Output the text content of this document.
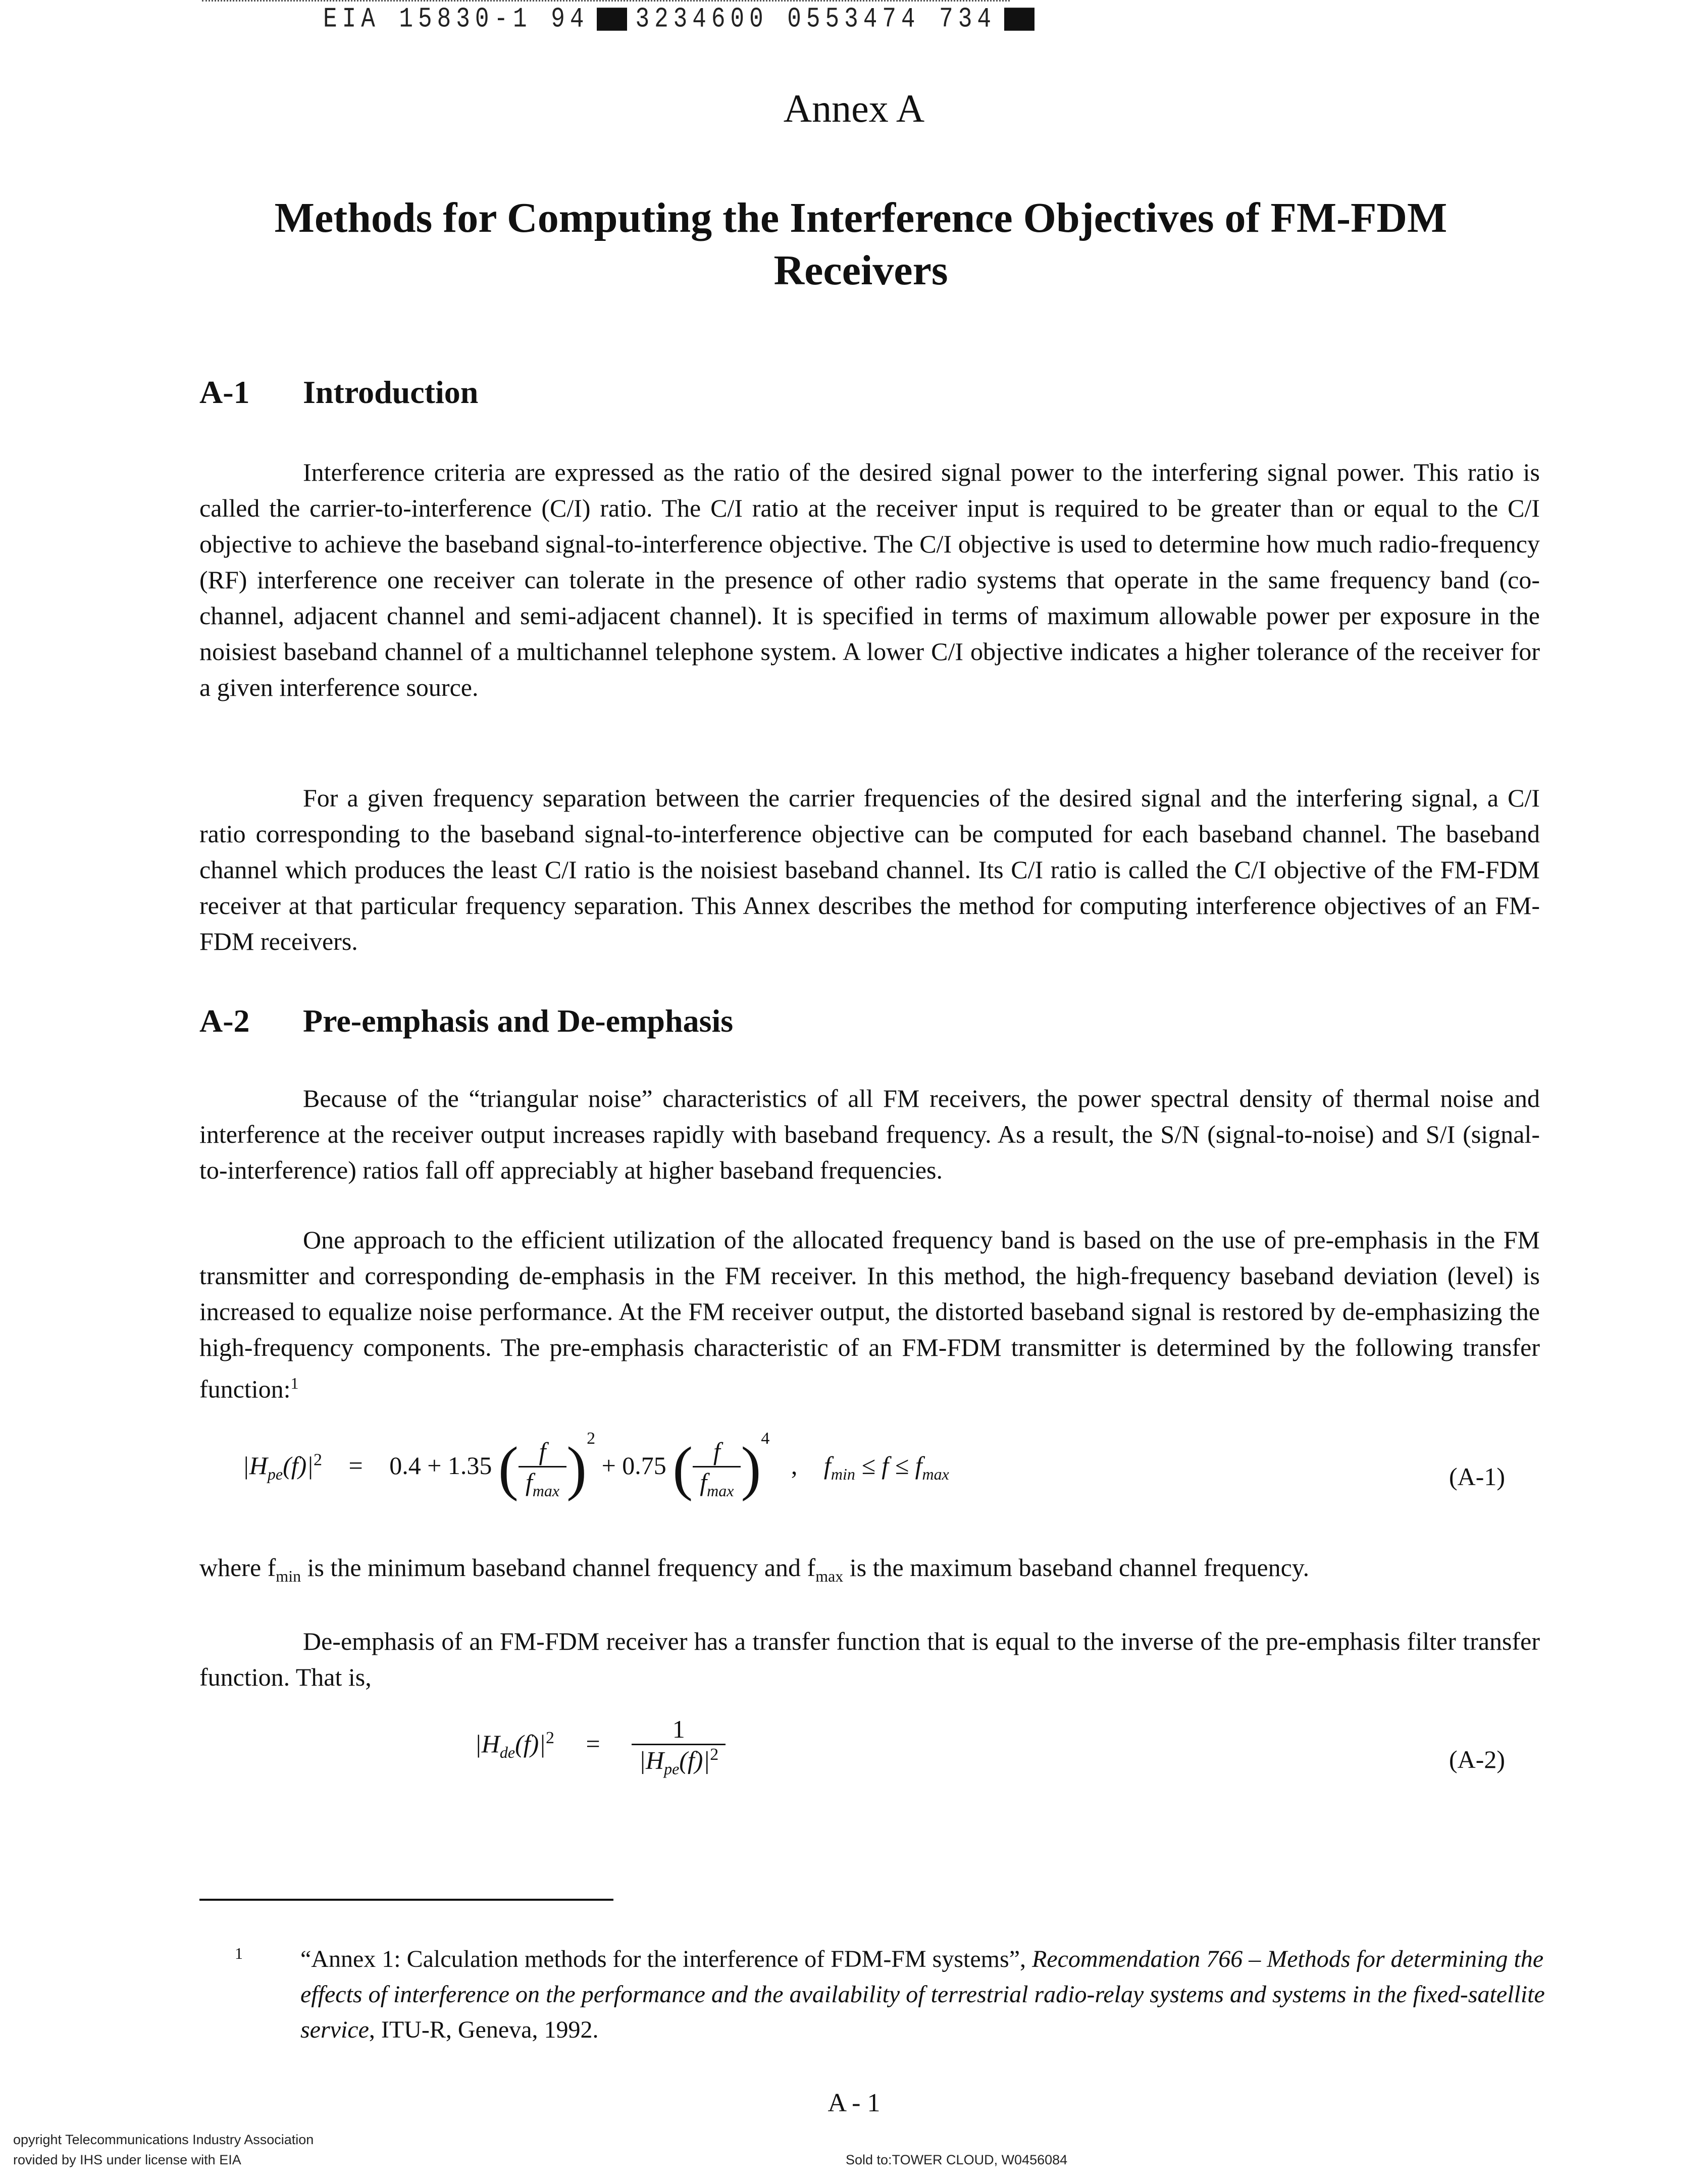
EIA 15830-1 94 3234600 0553474 734
Annex A
Methods for Computing the Interference Objectives of FM-FDM Receivers
A-1 Introduction
Interference criteria are expressed as the ratio of the desired signal power to the interfering signal power. This ratio is called the carrier-to-interference (C/I) ratio. The C/I ratio at the receiver input is required to be greater than or equal to the C/I objective to achieve the baseband signal-to-interference objective. The C/I objective is used to determine how much radio-frequency (RF) interference one receiver can tolerate in the presence of other radio systems that operate in the same frequency band (co-channel, adjacent channel and semi-adjacent channel). It is specified in terms of maximum allowable power per exposure in the noisiest baseband channel of a multichannel telephone system. A lower C/I objective indicates a higher tolerance of the receiver for a given interference source.
For a given frequency separation between the carrier frequencies of the desired signal and the interfering signal, a C/I ratio corresponding to the baseband signal-to-interference objective can be computed for each baseband channel. The baseband channel which produces the least C/I ratio is the noisiest baseband channel. Its C/I ratio is called the C/I objective of the FM-FDM receiver at that particular frequency separation. This Annex describes the method for computing interference objectives of an FM-FDM receivers.
A-2 Pre-emphasis and De-emphasis
Because of the “triangular noise” characteristics of all FM receivers, the power spectral density of thermal noise and interference at the receiver output increases rapidly with baseband frequency. As a result, the S/N (signal-to-noise) and S/I (signal-to-interference) ratios fall off appreciably at higher baseband frequencies.
One approach to the efficient utilization of the allocated frequency band is based on the use of pre-emphasis in the FM transmitter and corresponding de-emphasis in the FM receiver. In this method, the high-frequency baseband deviation (level) is increased to equalize noise performance. At the FM receiver output, the distorted baseband signal is restored by de-emphasizing the high-frequency components. The pre-emphasis characteristic of an FM-FDM transmitter is determined by the following transfer function:$^1$
$|H_{pe}(f)|^2 = 0.4 + 1.35$ ( $\frac{f}{f_{max}} )^2 + 0.75$ ( $\frac{f}{f_{max}} )^4$ , $f_{min} \le f \le f_{max}$	(A-1)
where $f_{min}$ is the minimum baseband channel frequency and $f_{max}$ is the maximum baseband channel frequency.
De-emphasis of an FM-FDM receiver has a transfer function that is equal to the inverse of the pre-emphasis filter transfer function. That is,
$|H_{de}(f)|^2 = \frac{1}{|H_{pe}(f)|^2}$	(A-2)
1 “Annex 1: Calculation methods for the interference of FDM-FM systems”, Recommendation 766 – Methods for determining the effects of interference on the performance and the availability of terrestrial radio-relay systems and systems in the fixed-satellite service, ITU-R, Geneva, 1992.
A - 1
opyright Telecommunications Industry Association
rovided by IHS under license with EIA	Sold to:TOWER CLOUD, W0456084
